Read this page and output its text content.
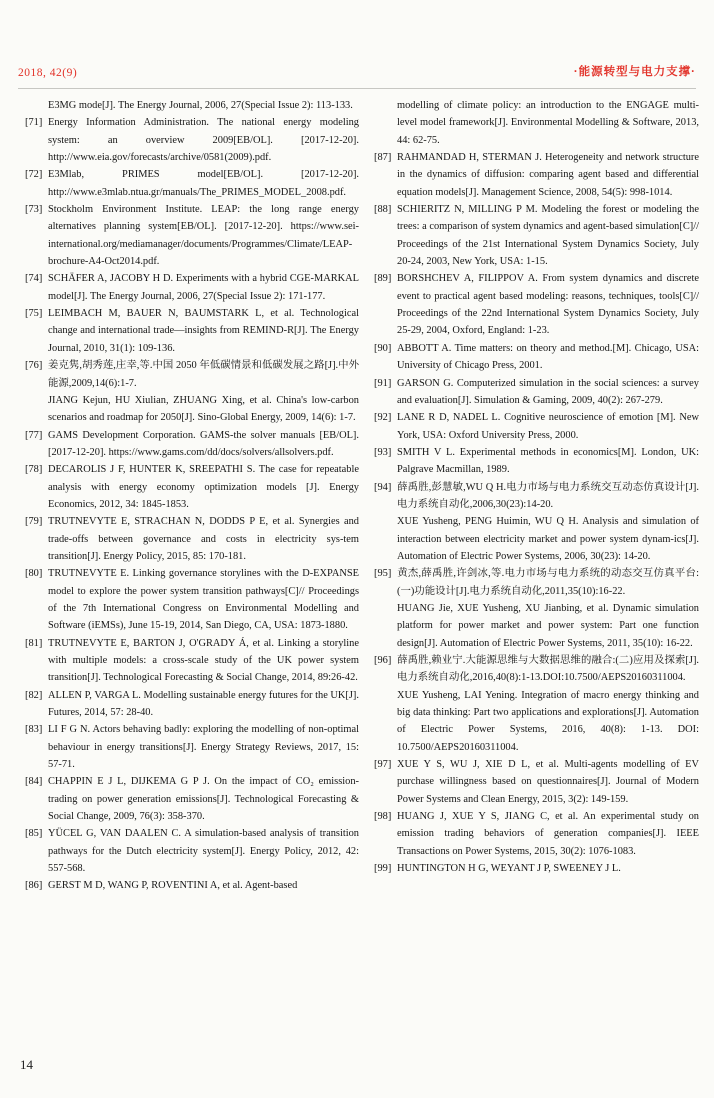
2018, 42(9)	·能源转型与电力支撑·
E3MG mode[J]. The Energy Journal, 2006, 27(Special Issue 2): 113-133.
[71] Energy Information Administration. The national energy modeling system: an overview 2009[EB/OL]. [2017-12-20]. http://www.eia.gov/forecasts/archive/0581(2009).pdf.
[72] E3Mlab, PRIMES model[EB/OL]. [2017-12-20]. http://www.e3mlab.ntua.gr/manuals/The_PRIMES_MODEL_2008.pdf.
[73] Stockholm Environment Institute. LEAP: the long range energy alternatives planning system[EB/OL]. [2017-12-20]. https://www.sei-international.org/mediamanager/documents/Programmes/Climate/LEAP-brochure-A4-Oct2014.pdf.
[74] SCHÄFER A, JACOBY H D. Experiments with a hybrid CGE-MARKAL model[J]. The Energy Journal, 2006, 27(Special Issue 2): 171-177.
[75] LEIMBACH M, BAUER N, BAUMSTARK L, et al. Technological change and international trade—insights from REMIND-R[J]. The Energy Journal, 2010, 31(1): 109-136.
[76] 姜克隽,胡秀莲,庄幸,等.中国 2050 年低碳情景和低碳发展之路[J].中外能源,2009,14(6):1-7.
JIANG Kejun, HU Xiulian, ZHUANG Xing, et al. China's low-carbon scenarios and roadmap for 2050[J]. Sino-Global Energy, 2009, 14(6): 1-7.
[77] GAMS Development Corporation. GAMS-the solver manuals [EB/OL]. [2017-12-20]. https://www.gams.com/dd/docs/solvers/allsolvers.pdf.
[78] DECAROLIS J F, HUNTER K, SREEPATHI S. The case for repeatable analysis with energy economy optimization models [J]. Energy Economics, 2012, 34: 1845-1853.
[79] TRUTNEVYTE E, STRACHAN N, DODDS P E, et al. Synergies and trade-offs between governance and costs in electricity sys-tem transition[J]. Energy Policy, 2015, 85: 170-181.
[80] TRUTNEVYTE E. Linking governance storylines with the D-EXPANSE model to explore the power system transition pathways[C]// Proceedings of the 7th International Congress on Environmental Modelling and Software (iEMSs), June 15-19, 2014, San Diego, CA, USA: 1873-1880.
[81] TRUTNEVYTE E, BARTON J, O'GRADY Á, et al. Linking a storyline with multiple models: a cross-scale study of the UK power system transition[J]. Technological Forecasting & Social Change, 2014, 89:26-42.
[82] ALLEN P, VARGA L. Modelling sustainable energy futures for the UK[J]. Futures, 2014, 57: 28-40.
[83] LI F G N. Actors behaving badly: exploring the modelling of non-optimal behaviour in energy transitions[J]. Energy Strategy Reviews, 2017, 15: 57-71.
[84] CHAPPIN E J L, DIJKEMA G P J. On the impact of CO₂ emission-trading on power generation emissions[J]. Technological Forecasting & Social Change, 2009, 76(3): 358-370.
[85] YÜCEL G, VAN DAALEN C. A simulation-based analysis of transition pathways for the Dutch electricity system[J]. Energy Policy, 2012, 42: 557-568.
[86] GERST M D, WANG P, ROVENTINI A, et al. Agent-based
modelling of climate policy: an introduction to the ENGAGE multi-level model framework[J]. Environmental Modelling & Software, 2013, 44: 62-75.
[87] RAHMANDAD H, STERMAN J. Heterogeneity and network structure in the dynamics of diffusion: comparing agent based and differential equation models[J]. Management Science, 2008, 54(5): 998-1014.
[88] SCHIERITZ N, MILLING P M. Modeling the forest or modeling the trees: a comparison of system dynamics and agent-based simulation[C]// Proceedings of the 21st International System Dynamics Society, July 20-24, 2003, New York, USA: 1-15.
[89] BORSHCHEV A, FILIPPOV A. From system dynamics and discrete event to practical agent based modeling: reasons, techniques, tools[C]// Proceedings of the 22nd International System Dynamics Society, July 25-29, 2004, Oxford, England: 1-23.
[90] ABBOTT A. Time matters: on theory and method.[M]. Chicago, USA: University of Chicago Press, 2001.
[91] GARSON G. Computerized simulation in the social sciences: a survey and evaluation[J]. Simulation & Gaming, 2009, 40(2): 267-279.
[92] LANE R D, NADEL L. Cognitive neuroscience of emotion [M]. New York, USA: Oxford University Press, 2000.
[93] SMITH V L. Experimental methods in economics[M]. London, UK: Palgrave Macmillan, 1989.
[94] 薛禹胜,彭慧敏,WU Q H.电力市场与电力系统交互动态仿真设计[J].电力系统自动化,2006,30(23):14-20.
XUE Yusheng, PENG Huimin, WU Q H. Analysis and simulation of interaction between electricity market and power system dynam-ics[J]. Automation of Electric Power Systems, 2006, 30(23): 14-20.
[95] 黄杰,薛禹胜,许剑冰,等.电力市场与电力系统的动态交互仿真平台:(一)功能设计[J].电力系统自动化,2011,35(10):16-22.
HUANG Jie, XUE Yusheng, XU Jianbing, et al. Dynamic simulation platform for power market and power system: Part one function design[J]. Automation of Electric Power Systems, 2011, 35(10): 16-22.
[96] 薛禹胜,赖业宁.大能源思维与大数据思维的融合:(二)应用及探索[J].电力系统自动化,2016,40(8):1-13.DOI:10.7500/AEPS20160311004.
XUE Yusheng, LAI Yening. Integration of macro energy thinking and big data thinking: Part two applications and explorations[J]. Automation of Electric Power Systems, 2016, 40(8): 1-13. DOI: 10.7500/AEPS20160311004.
[97] XUE Y S, WU J, XIE D L, et al. Multi-agents modelling of EV purchase willingness based on questionnaires[J]. Journal of Modern Power Systems and Clean Energy, 2015, 3(2): 149-159.
[98] HUANG J, XUE Y S, JIANG C, et al. An experimental study on emission trading behaviors of generation companies[J]. IEEE Transactions on Power Systems, 2015, 30(2): 1076-1083.
[99] HUNTINGTON H G, WEYANT J P, SWEENEY J L.
14
